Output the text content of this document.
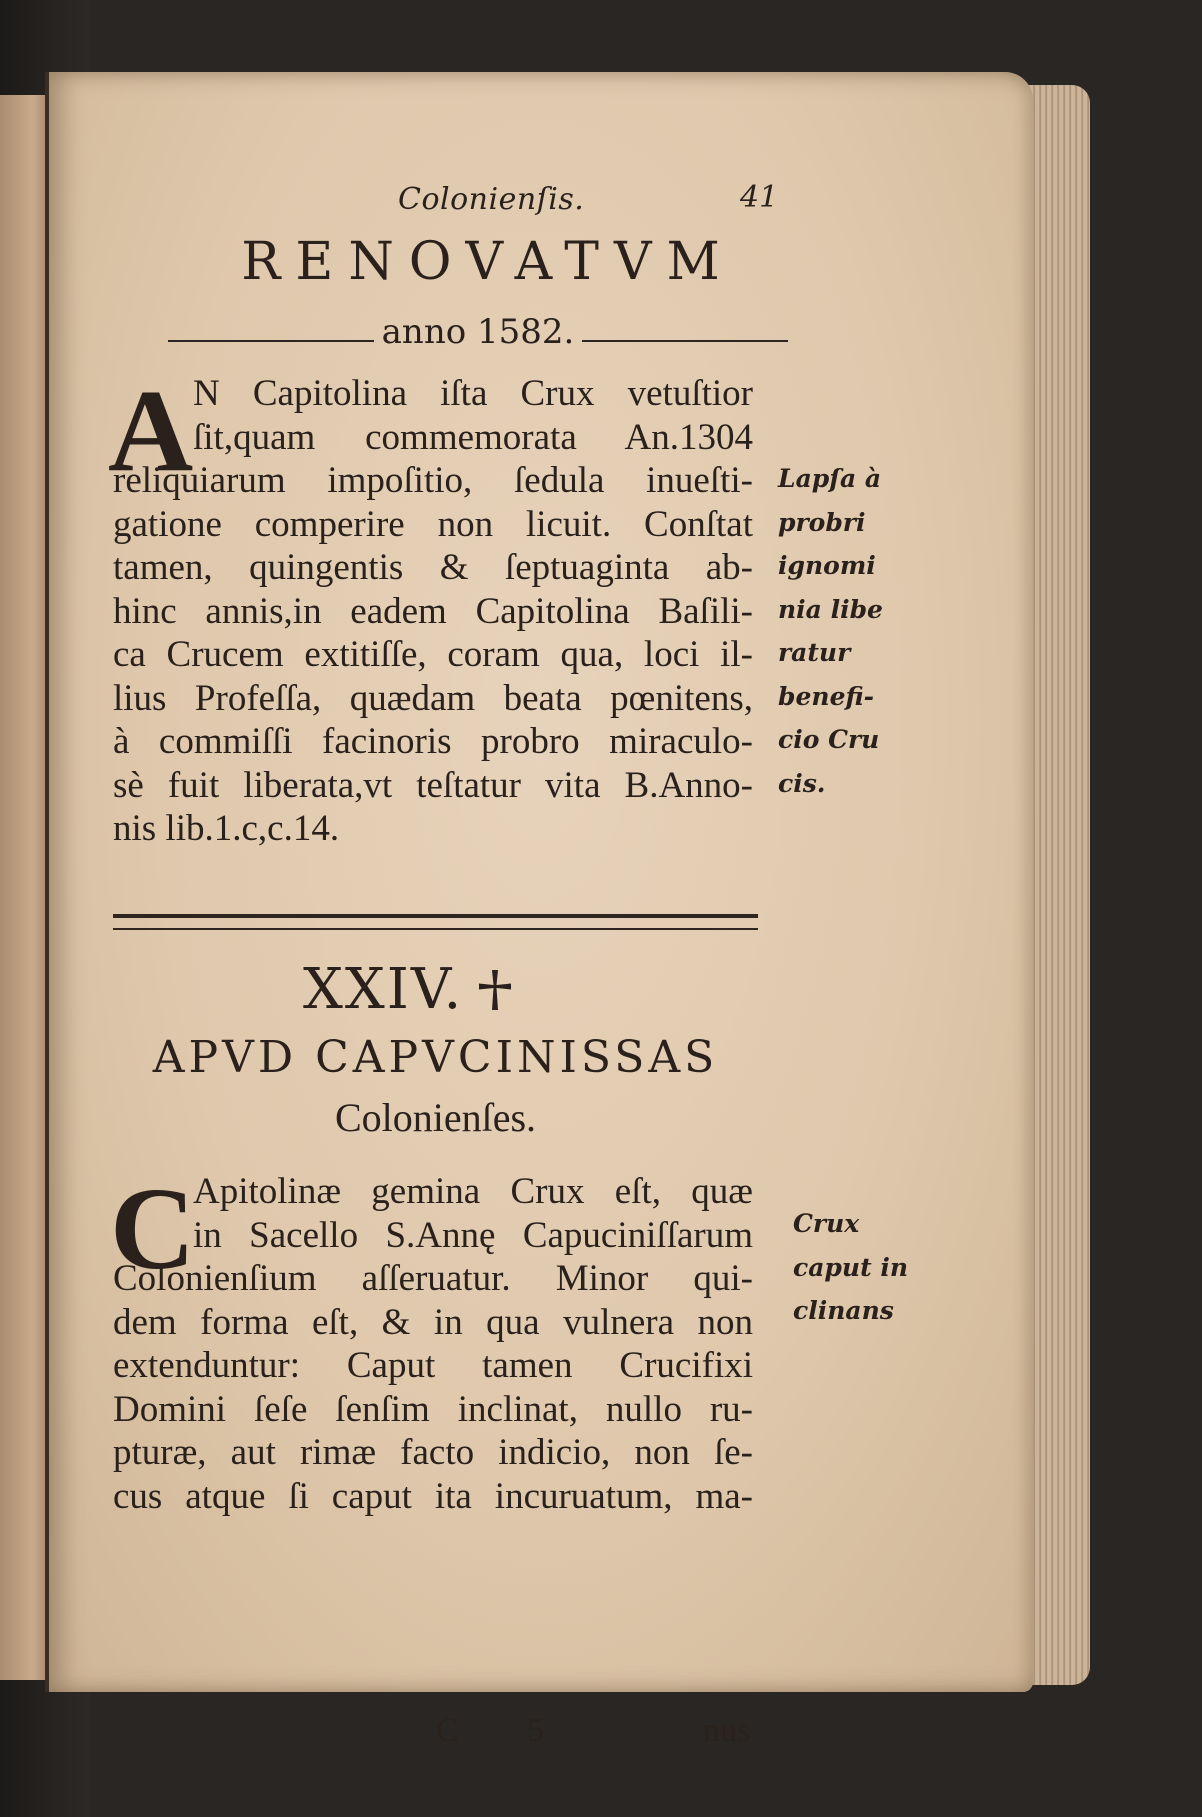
Colonienſis.	41
RENOVATVM
anno 1582.
A N Capitolina iſta Crux vetuſtior
ſit,quam commemorata An.1304
reliquiarum impoſitio, ſedula inueſti-
gatione comperire non licuit. Conſtat
tamen, quingentis & ſeptuaginta ab-
hinc annis,in eadem Capitolina Baſili-
ca Crucem extitiſſe, coram qua, loci il-
lius Profeſſa, quædam beata pœnitens,
à commiſſi facinoris probro miraculo-
sè fuit liberata,vt teſtatur vita B.Anno-
nis lib.1.c,c.14.
Lapſa à
probri
ignomi
nia libe
ratur
benefi-
cio Cru
cis.
XXIV.
APVD CAPVCINISSAS
Colonienſes.
C
Apitolinæ gemina Crux eſt, quæ
in Sacello S.Annę Capuciniſſarum
Colonienſium aſſeruatur. Minor qui-
dem forma eſt, & in qua vulnera non
extenduntur: Caput tamen Crucifixi
Domini ſeſe ſenſim inclinat, nullo ru-
pturæ, aut rimæ facto indicio, non ſe-
cus atque ſi caput ita incuruatum, ma-
Crux
caput in
clinans
C 5	nus
